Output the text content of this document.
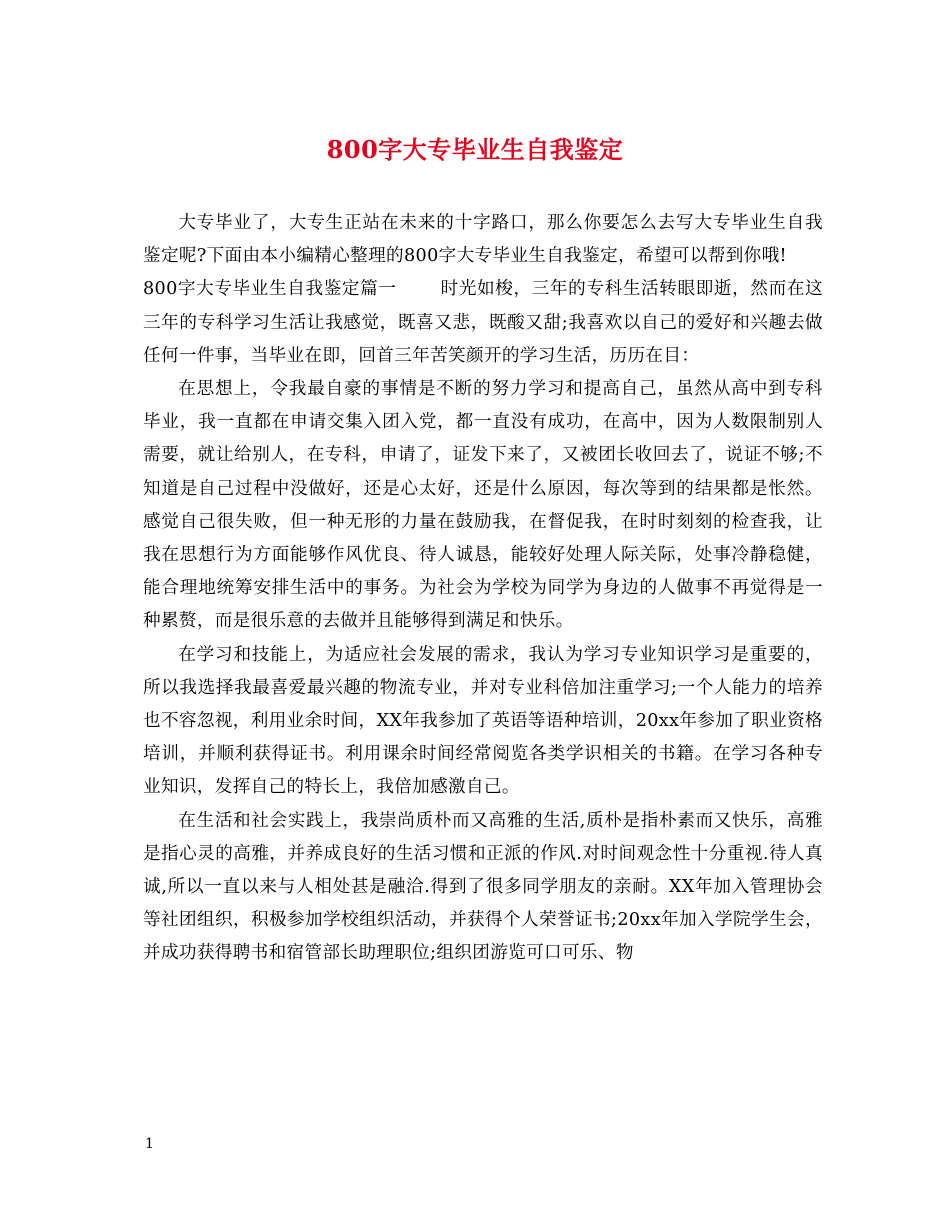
800字大专毕业生自我鉴定

大专毕业了，大专生正站在未来的十字路口，那么你要怎么去写大专毕业生自我鉴定呢?下面由本小编精心整理的800字大专毕业生自我鉴定，希望可以帮到你哦!

800字大专毕业生自我鉴定篇一	时光如梭，三年的专科生活转眼即逝，然而在这三年的专科学习生活让我感觉，既喜又悲，既酸又甜;我喜欢以自己的爱好和兴趣去做任何一件事，当毕业在即，回首三年苦笑颜开的学习生活，历历在目：

在思想上，令我最自豪的事情是不断的努力学习和提高自己，虽然从高中到专科毕业，我一直都在申请交集入团入党，都一直没有成功，在高中，因为人数限制别人需要，就让给别人，在专科，申请了，证发下来了，又被团长收回去了，说证不够;不知道是自己过程中没做好，还是心太好，还是什么原因，每次等到的结果都是怅然。感觉自己很失败，但一种无形的力量在鼓励我，在督促我，在时时刻刻的检查我，让我在思想行为方面能够作风优良、待人诚恳，能较好处理人际关际，处事冷静稳健，能合理地统筹安排生活中的事务。为社会为学校为同学为身边的人做事不再觉得是一种累赘，而是很乐意的去做并且能够得到满足和快乐。

在学习和技能上，为适应社会发展的需求，我认为学习专业知识学习是重要的，所以我选择我最喜爱最兴趣的物流专业，并对专业科倍加注重学习;一个人能力的培养也不容忽视，利用业余时间，XX年我参加了英语等语种培训，20xx年参加了职业资格培训，并顺利获得证书。利用课余时间经常阅览各类学识相关的书籍。在学习各种专业知识，发挥自己的特长上，我倍加感激自己。

在生活和社会实践上，我崇尚质朴而又高雅的生活,质朴是指朴素而又快乐，高雅是指心灵的高雅，并养成良好的生活习惯和正派的作风.对时间观念性十分重视.待人真诚,所以一直以来与人相处甚是融洽.得到了很多同学朋友的亲耐。XX年加入管理协会等社团组织，积极参加学校组织活动，并获得个人荣誉证书;20xx年加入学院学生会，并成功获得聘书和宿管部长助理职位;组织团游览可口可乐、物

1
